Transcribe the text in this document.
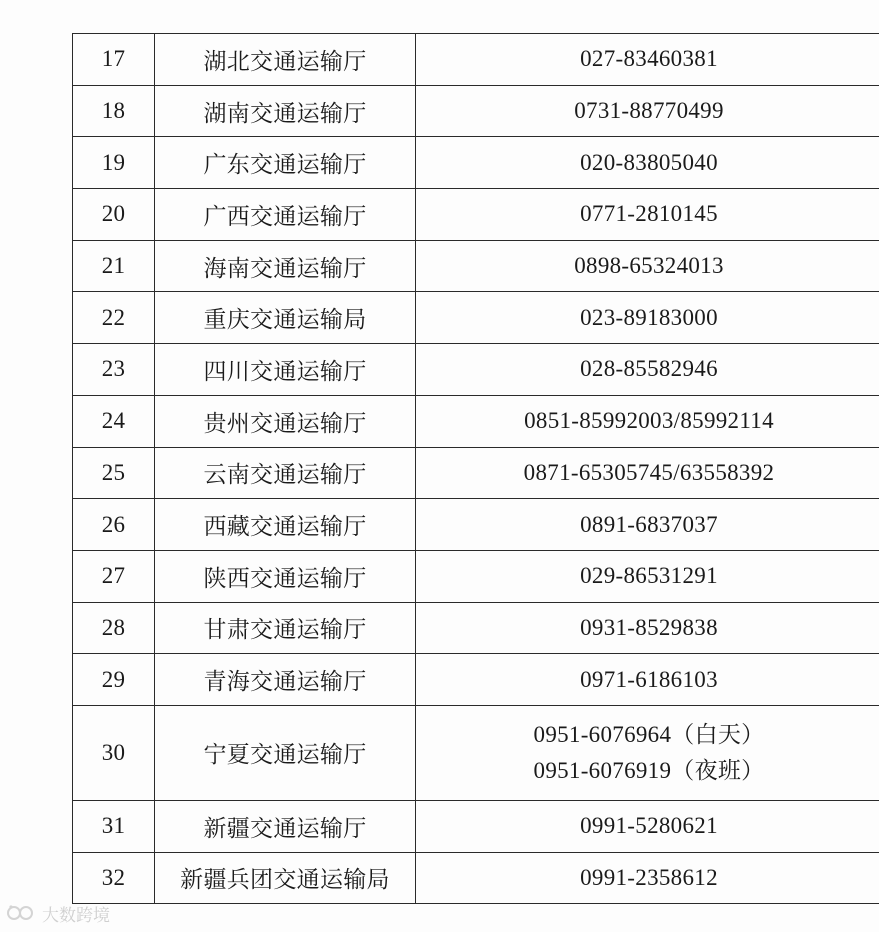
17	湖北交通运输厅	027-83460381

18	湖南交通运输厅	0731-88770499

19	广东交通运输厅	020-83805040

20	广西交通运输厅	0771-2810145

21	海南交通运输厅	0898-65324013

22	重庆交通运输局	023-89183000

23	四川交通运输厅	028-85582946

24	贵州交通运输厅	0851-85992003/85992114

25	云南交通运输厅	0871-65305745/63558392

26	西藏交通运输厅	0891-6837037

27	陕西交通运输厅	029-86531291

28	甘肃交通运输厅	0931-8529838

29	青海交通运输厅	0971-6186103

30	宁夏交通运输厅	0951-6076964（白天）
0951-6076919（夜班）

31	新疆交通运输厅	0991-5280621

32	新疆兵团交通运输局	0991-2358612
大数跨境
